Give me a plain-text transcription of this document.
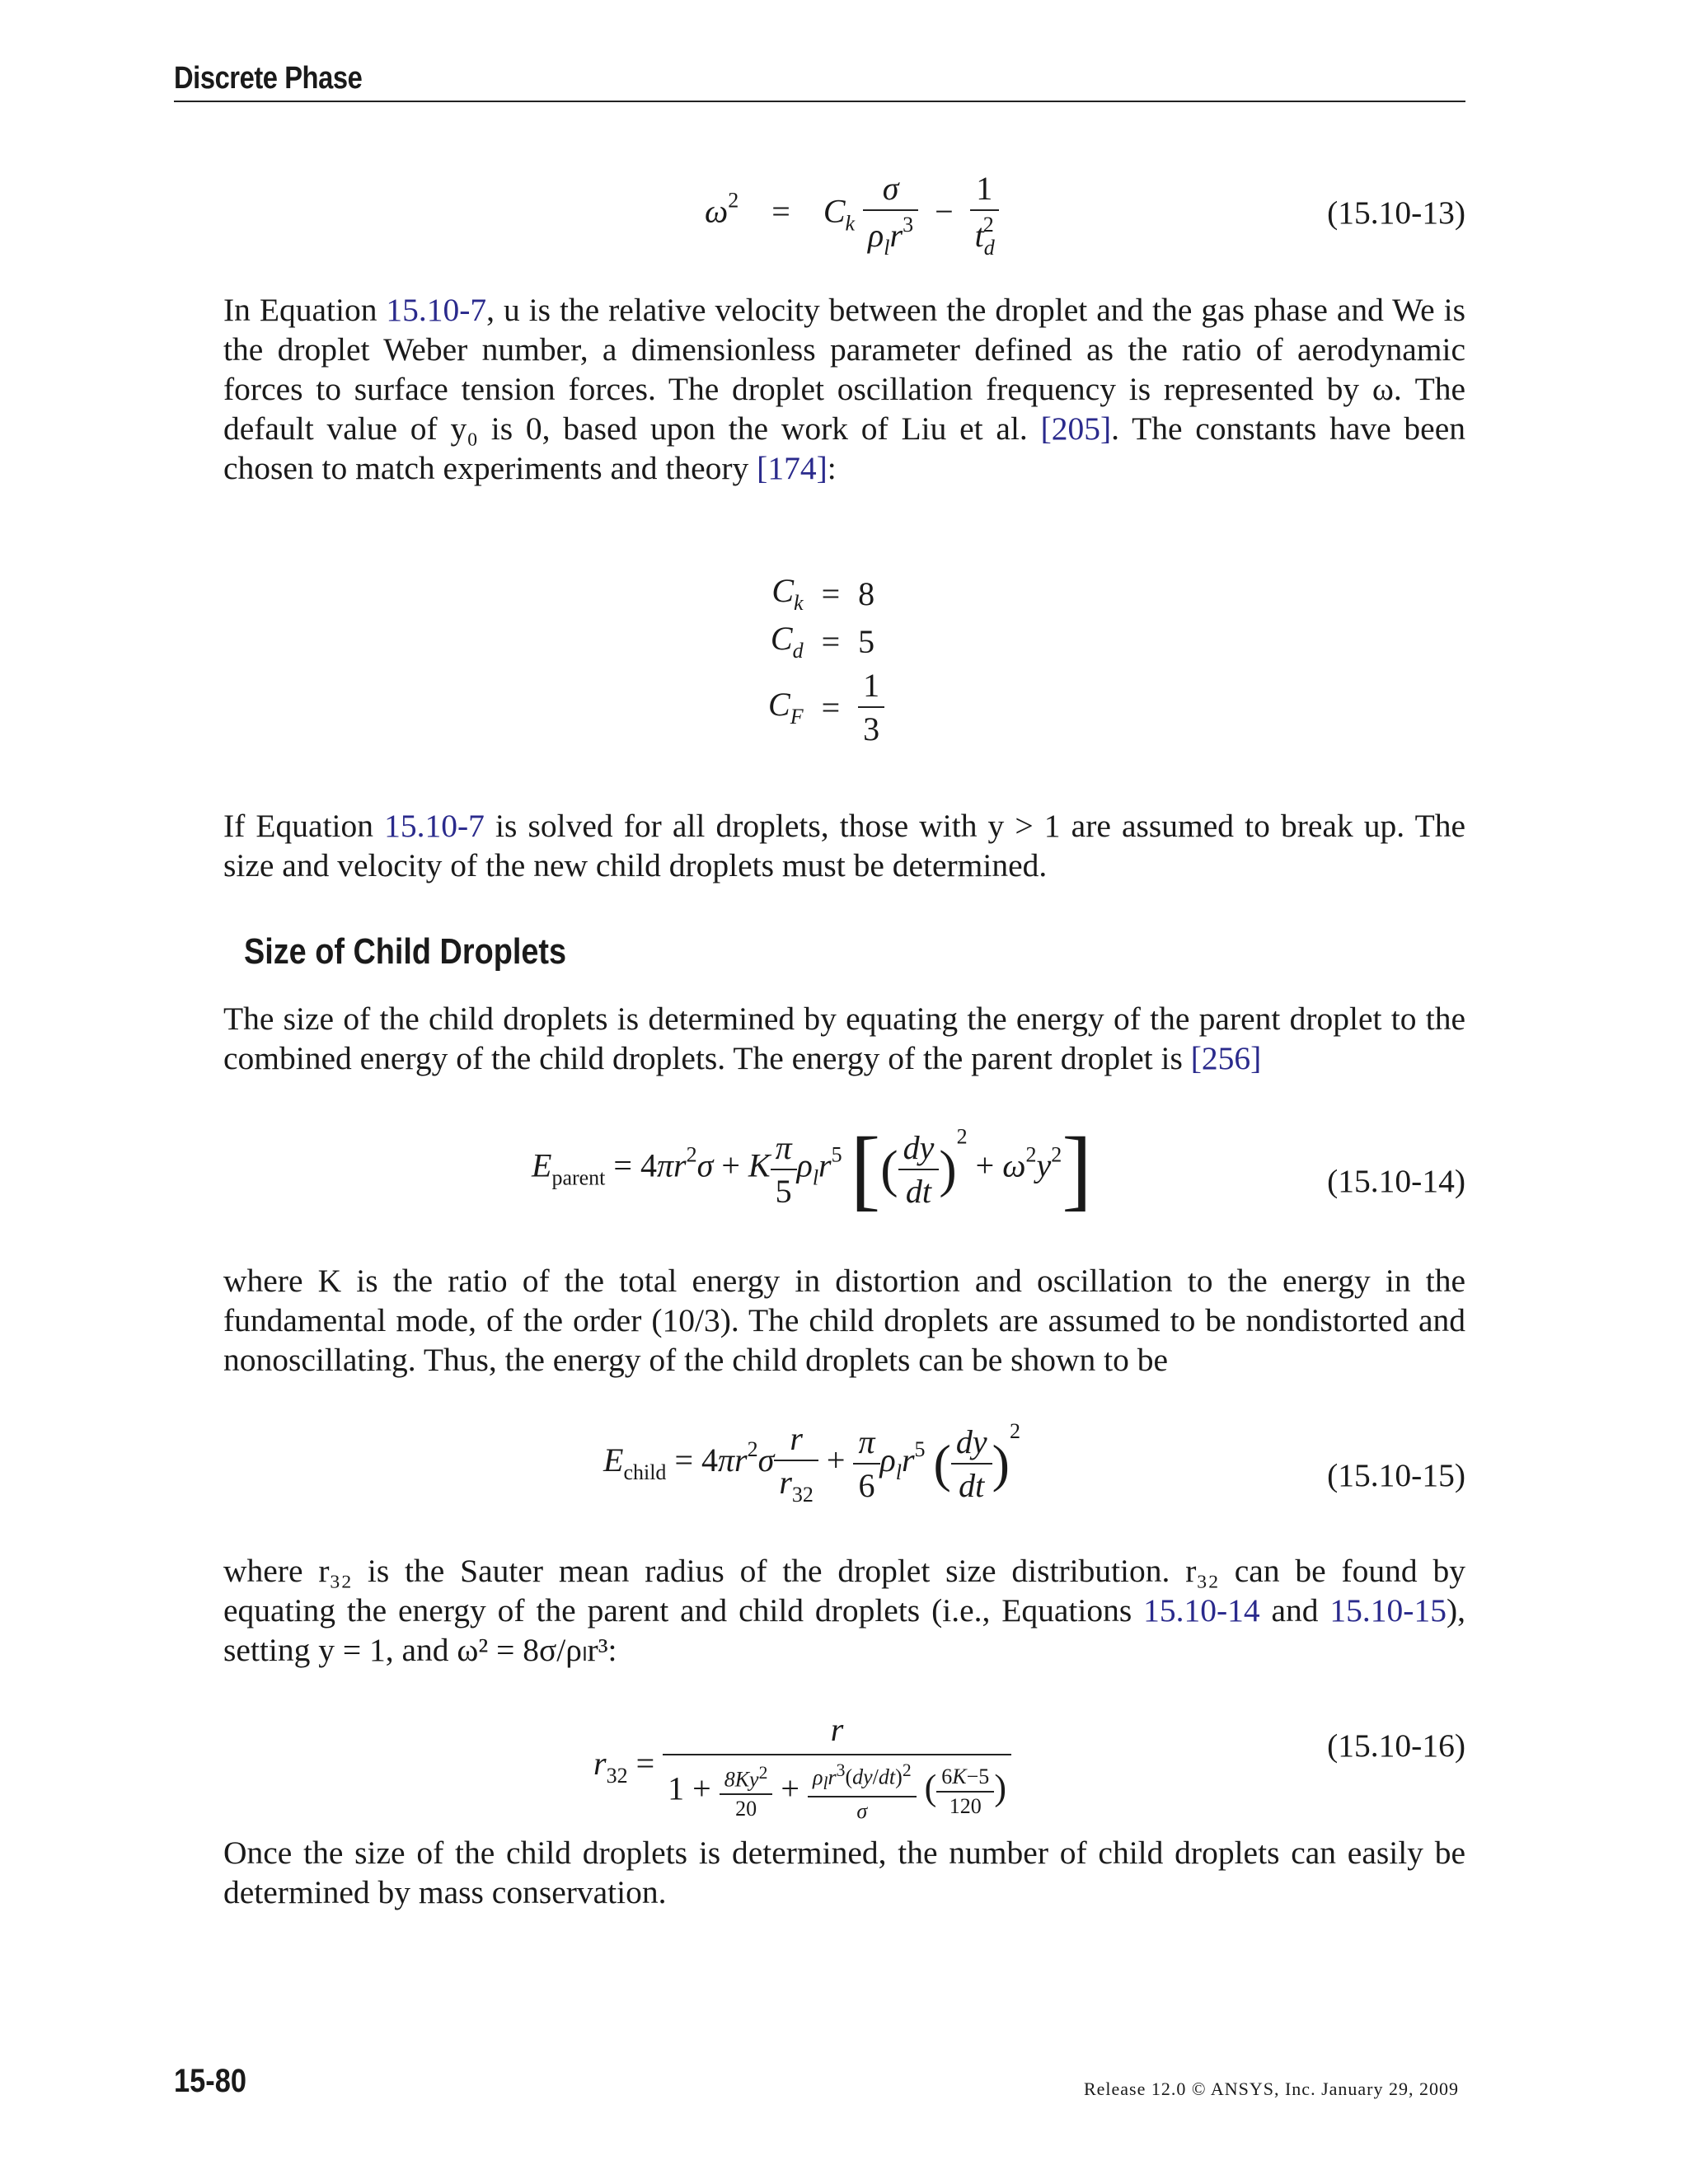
Discrete Phase
$\omega^2 = C_k \frac{\sigma}{\rho_lr^3} - \frac{1}{t_d^2}$	(15.10-13)

In Equation 15.10-7, u is the relative velocity between the droplet and the gas phase and We is the droplet Weber number, a dimensionless parameter defined as the ratio of aerodynamic forces to surface tension forces. The droplet oscillation frequency is represented by ω. The default value of y₀ is 0, based upon the work of Liu et al. [205]. The constants have been chosen to match experiments and theory [174]:

$C_k$	=	8
$C_d$	=	5
$C_F$	=	$\frac{1}{3}$

If Equation 15.10-7 is solved for all droplets, those with y > 1 are assumed to break up. The size and velocity of the new child droplets must be determined.

Size of Child Droplets

The size of the child droplets is determined by equating the energy of the parent droplet to the combined energy of the child droplets. The energy of the parent droplet is [256]

$E_{parent} = 4\pi r^2\sigma + K \frac{\pi}{5} \rho_lr^5$ [( $\frac{dy}{dt} )^2 + \omega^2y^2$]	(15.10-14)

where K is the ratio of the total energy in distortion and oscillation to the energy in the fundamental mode, of the order (10/3). The child droplets are assumed to be nondistorted and nonoscillating. Thus, the energy of the child droplets can be shown to be

$E_{child} = 4\pi r^2\sigma \frac{r}{r_{32}} + \frac{\pi}{6} \rho_lr^5$ ( $\frac{dy}{dt} )^2$
(15.10-15)

where r₃₂ is the Sauter mean radius of the droplet size distribution. r₃₂ can be found by equating the energy of the parent and child droplets (i.e., Equations 15.10-14 and 15.10-15), setting y = 1, and ω² = 8σ/ρₗr³:

$r_{32} = \frac{r}{1 + \frac{8Ky^2}{20} + \frac{\rho_lr^3(dy/dt)^2}{\sigma} ( \frac{6K-5}{120} )}$	(15.10-16)

Once the size of the child droplets is determined, the number of child droplets can easily be determined by mass conservation.

15-80	Release 12.0 © ANSYS, Inc. January 29, 2009
